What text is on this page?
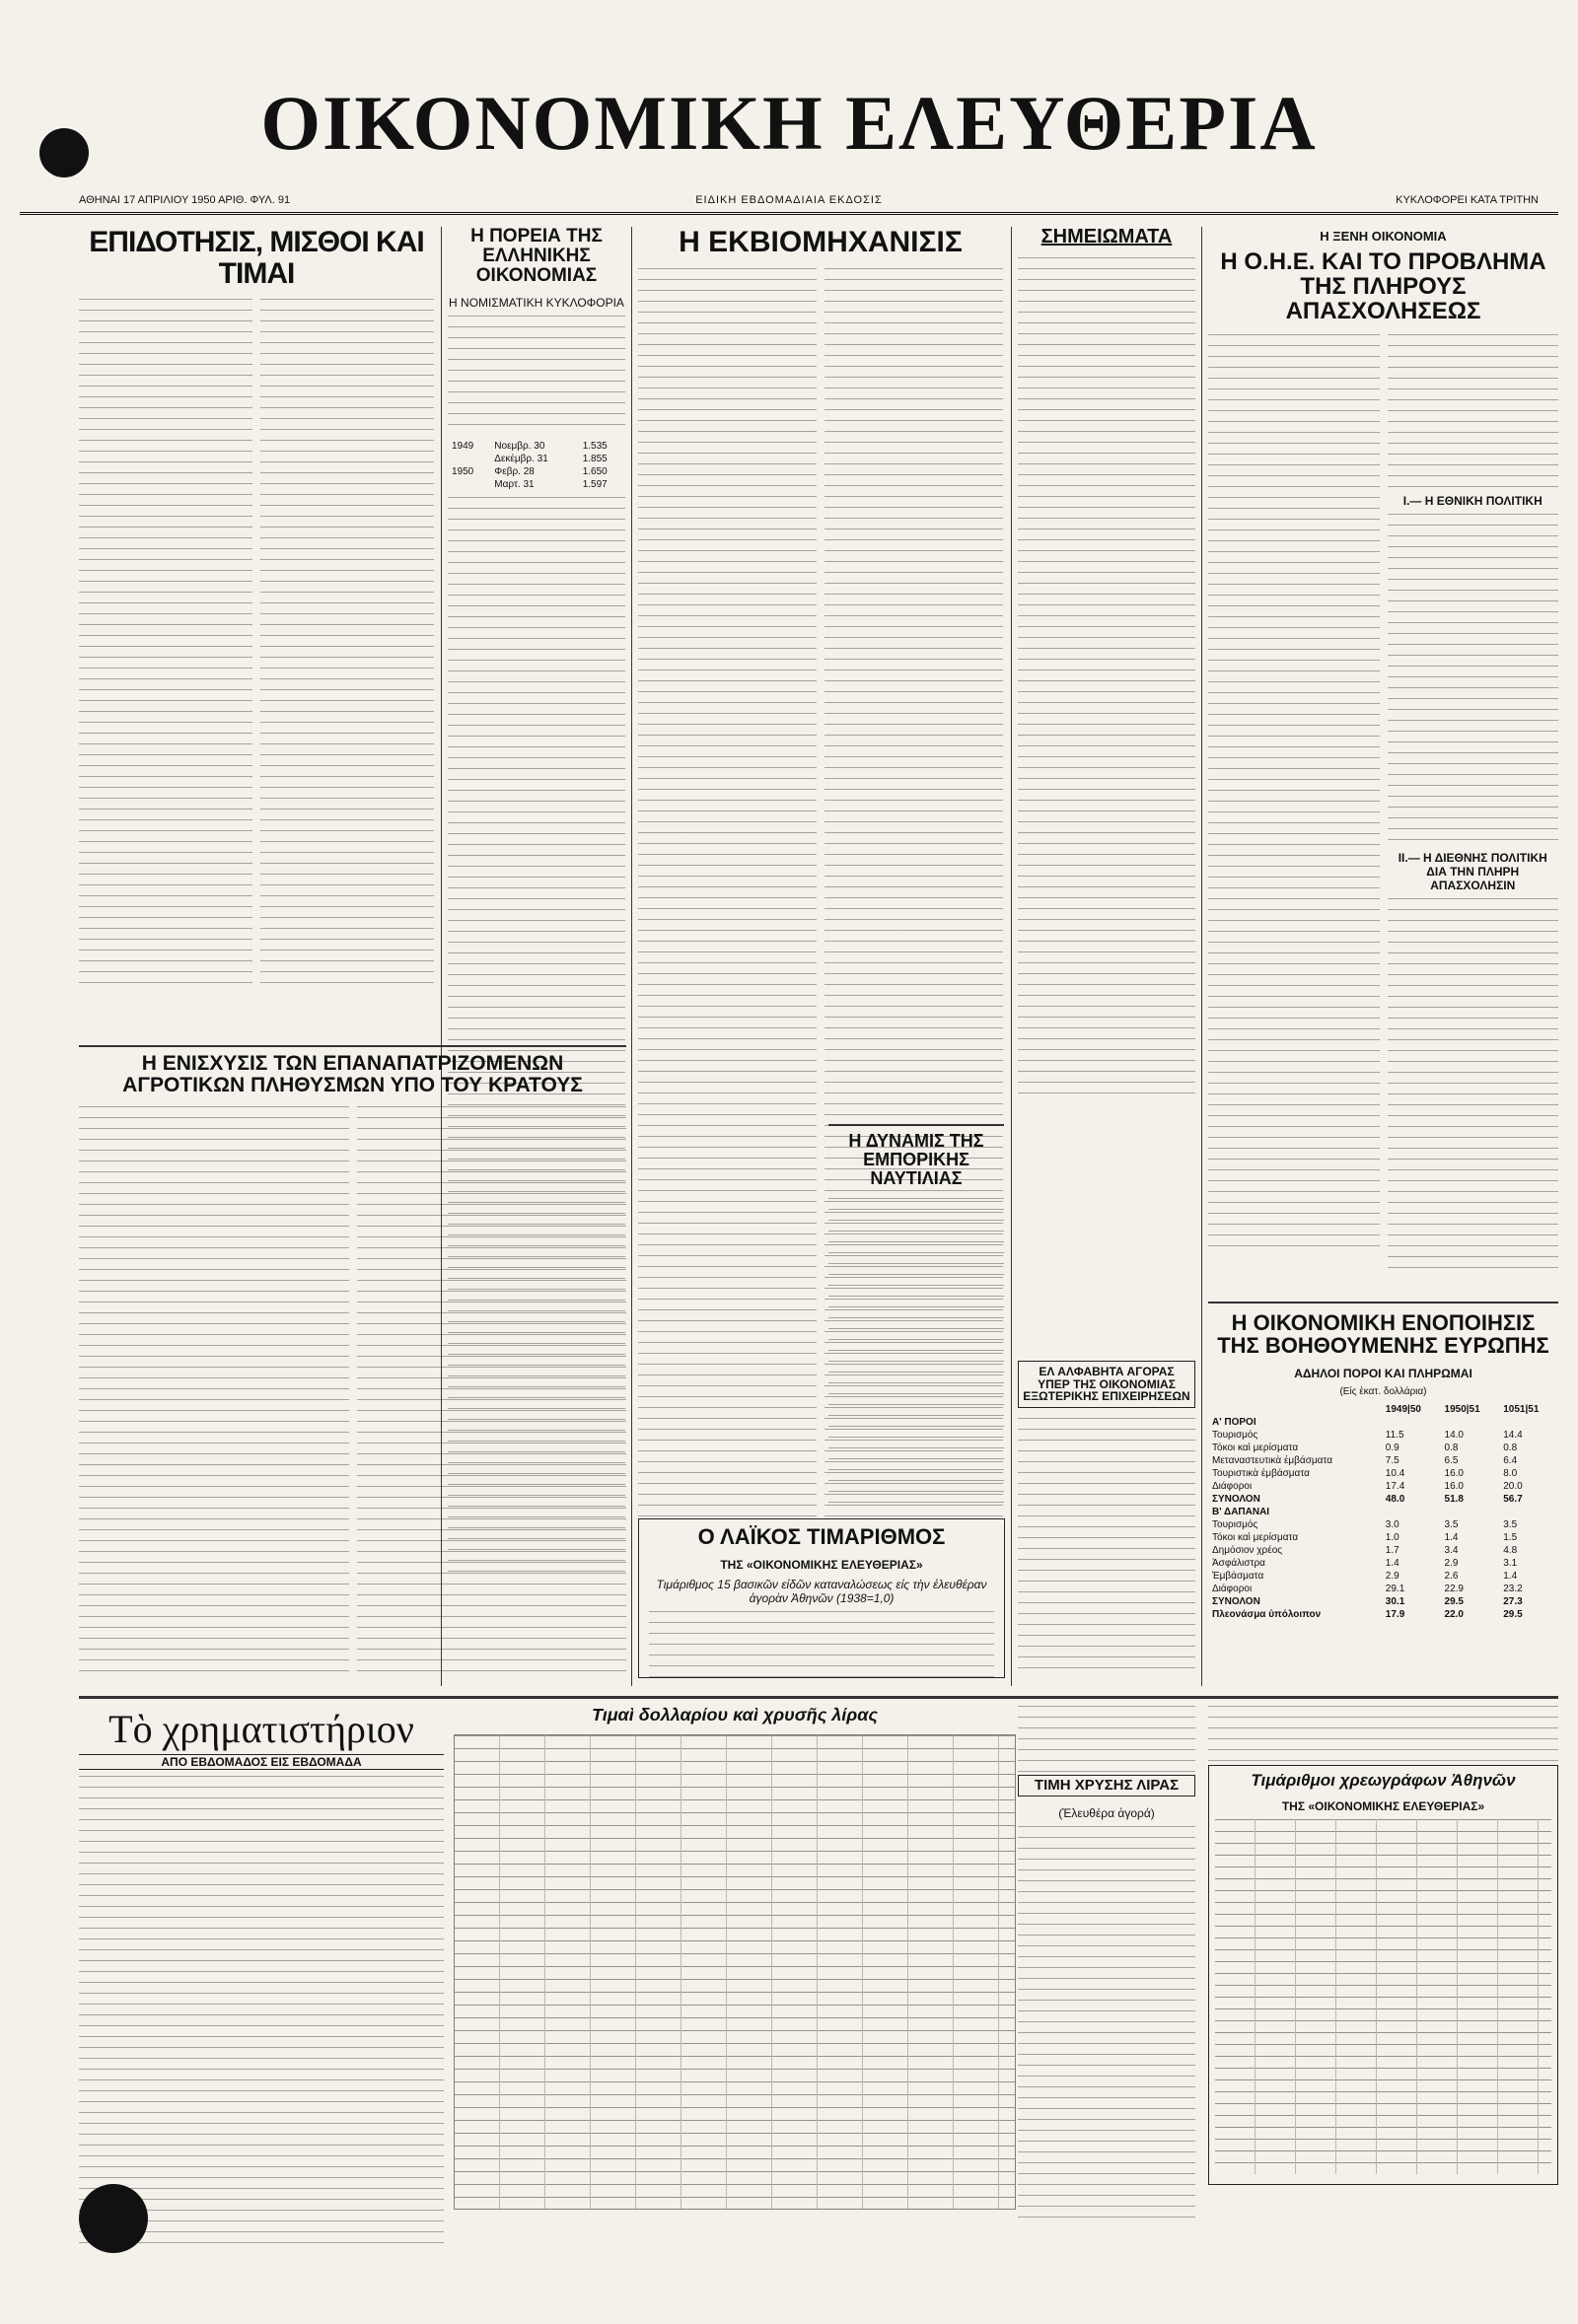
ΟΙΚΟΝΟΜΙΚΗ ΕΛΕΥΘΕΡΙΑ
ΑΘΗΝΑΙ 17 ΑΠΡΙΛΙΟΥ 1950 ΑΡΙΘ. ΦΥΛ. 91	ΕΙΔΙΚΗ ΕΒΔΟΜΑΔΙΑΙΑ ΕΚΔΟΣΙΣ	ΚΥΚΛΟΦΟΡΕΙ ΚΑΤΑ ΤΡΙΤΗΝ
ΕΠΙΔΟΤΗΣΙΣ, ΜΙΣΘΟΙ ΚΑΙ ΤΙΜΑΙ
Η ΠΟΡΕΙΑ ΤΗΣ ΕΛΛΗΝΙΚΗΣ ΟΙΚΟΝΟΜΙΑΣ
Η ΝΟΜΙΣΜΑΤΙΚΗ ΚΥΚΛΟΦΟΡΙΑ
1949	Νοεμβρ. 30	1.535
	Δεκέμβρ. 31	1.855
1950	Φεβρ. 28	1.650
	Μαρτ. 31	1.597
Η ΕΚΒΙΟΜΗΧΑΝΙΣΙΣ	ΣΗΜΕΙΩΜΑΤΑ	Η ΞΕΝΗ ΟΙΚΟΝΟΜΙΑ
Η Ο.Η.Ε. ΚΑΙ ΤΟ ΠΡΟΒΛΗΜΑ ΤΗΣ ΠΛΗΡΟΥΣ ΑΠΑΣΧΟΛΗΣΕΩΣ
Ι.— Η ΕΘΝΙΚΗ ΠΟΛΙΤΙΚΗ
ΙΙ.— Η ΔΙΕΘΝΗΣ ΠΟΛΙΤΙΚΗ ΔΙΑ ΤΗΝ ΠΛΗΡΗ ΑΠΑΣΧΟΛΗΣΙΝ
Η ΟΙΚΟΝΟΜΙΚΗ ΕΝΟΠΟΙΗΣΙΣ ΤΗΣ ΒΟΗΘΟΥΜΕΝΗΣ ΕΥΡΩΠΗΣ
ΑΔΗΛΟΙ ΠΟΡΟΙ ΚΑΙ ΠΛΗΡΩΜΑΙ
(Εἰς ἑκατ. δολλάρια)
	1949|50	1950|51	1051|51
Α' ΠΟΡΟΙ			
Τουρισμός	11.5	14.0	14.4
Τόκοι καὶ μερίσματα	0.9	0.8	0.8
Μεταναστευτικὰ ἐμβάσματα	7.5	6.5	6.4
Τουριστικὰ ἐμβάσματα	10.4	16.0	8.0
Διάφοροι	17.4	16.0	20.0
ΣΥΝΟΛΟΝ	48.0	51.8	56.7
Β' ΔΑΠΑΝΑΙ			
Τουρισμός	3.0	3.5	3.5
Τόκοι καὶ μερίσματα	1.0	1.4	1.5
Δημόσιον χρέος	1.7	3.4	4.8
Ἀσφάλιστρα	1.4	2.9	3.1
Ἐμβάσματα	2.9	2.6	1.4
Διάφοροι	29.1	22.9	23.2
ΣΥΝΟΛΟΝ	30.1	29.5	27.3
Πλεονάσμα ὑπόλοιπον	17.9	22.0	29.5
Η ΕΝΙΣΧΥΣΙΣ ΤΩΝ ΕΠΑΝΑΠΑΤΡΙΖΟΜΕΝΩΝ ΑΓΡΟΤΙΚΩΝ ΠΛΗΘΥΣΜΩΝ ΥΠΟ ΤΟΥ ΚΡΑΤΟΥΣ
Η ΔΥΝΑΜΙΣ ΤΗΣ ΕΜΠΟΡΙΚΗΣ ΝΑΥΤΙΛΙΑΣ
ΕΛ ΑΛΦΑΒΗΤΑ ΑΓΟΡΑΣ ΥΠΕΡ ΤΗΣ ΟΙΚΟΝΟΜΙΑΣ ΕΞΩΤΕΡΙΚΗΣ ΕΠΙΧΕΙΡΗΣΕΩΝ
Ο ΛΑΪΚΟΣ ΤΙΜΑΡΙΘΜΟΣ
ΤΗΣ «ΟΙΚΟΝΟΜΙΚΗΣ ΕΛΕΥΘΕΡΙΑΣ»
Τιμάριθμος 15 βασικῶν εἰδῶν καταναλώσεως εἰς τὴν ἐλευθέραν ἀγορὰν Ἀθηνῶν (1938=1,0)
Τὸ χρηματιστήριον
ΑΠΟ ΕΒΔΟΜΑΔΟΣ ΕΙΣ ΕΒΔΟΜΑΔΑ
Τιμαὶ δολλαρίου καὶ χρυσῆς λίρας
ΤΙΜΗ ΧΡΥΣΗΣ ΛΙΡΑΣ
(Ἐλευθέρα ἀγορά)
Τιμάριθμοι χρεωγράφων Ἀθηνῶν
ΤΗΣ «ΟΙΚΟΝΟΜΙΚΗΣ ΕΛΕΥΘΕΡΙΑΣ»
